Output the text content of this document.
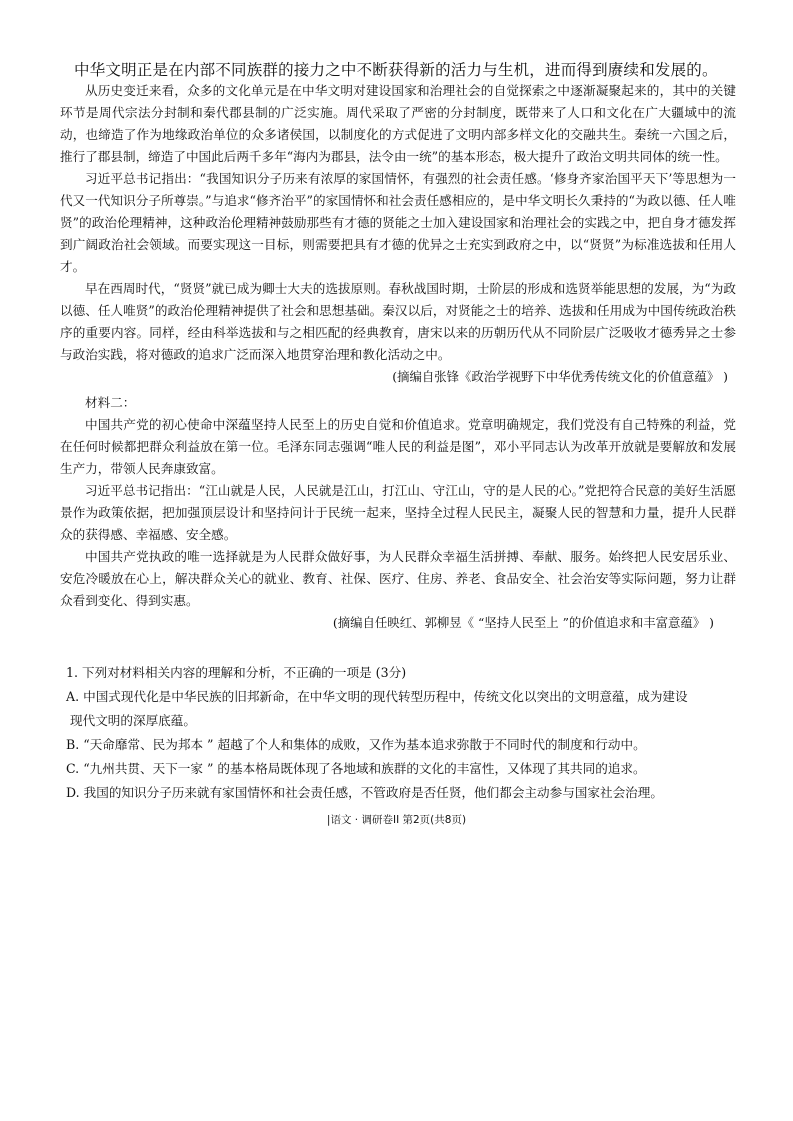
中华文明正是在内部不同族群的接力之中不断获得新的活力与生机，进而得到赓续和发展的。

从历史变迁来看，众多的文化单元是在中华文明对建设国家和治理社会的自觉探索之中逐渐凝聚起来的，其中的关键环节是周代宗法分封制和秦代郡县制的广泛实施。周代采取了严密的分封制度，既带来了人口和文化在广大疆域中的流动，也缔造了作为地缘政治单位的众多诸侯国，以制度化的方式促进了文明内部多样文化的交融共生。秦统一六国之后，推行了郡县制，缔造了中国此后两千多年“海内为郡县，法令由一统”的基本形态，极大提升了政治文明共同体的统一性。

习近平总书记指出：“我国知识分子历来有浓厚的家国情怀，有强烈的社会责任感。‘修身齐家治国平天下’等思想为一代又一代知识分子所尊崇。”与追求“修齐治平”的家国情怀和社会责任感相应的，是中华文明长久秉持的“为政以德、任人唯贤”的政治伦理精神，这种政治伦理精神鼓励那些有才德的贤能之士加入建设国家和治理社会的实践之中，把自身才德发挥到广阔政治社会领域。而要实现这一目标，则需要把具有才德的优异之士充实到政府之中，以“贤贤”为标准选拔和任用人才。

早在西周时代，“贤贤”就已成为卿士大夫的选拔原则。春秋战国时期，士阶层的形成和选贤举能思想的发展，为“为政以德、任人唯贤”的政治伦理精神提供了社会和思想基础。秦汉以后，对贤能之士的培养、选拔和任用成为中国传统政治秩序的重要内容。同样，经由科举选拔和与之相匹配的经典教育，唐宋以来的历朝历代从不同阶层广泛吸收才德秀异之士参与政治实践，将对德政的追求广泛而深入地贯穿治理和教化活动之中。

(摘编自张锋《政治学视野下中华优秀传统文化的价值意蕴》 )

材料二：

中国共产党的初心使命中深蕴坚持人民至上的历史自觉和价值追求。党章明确规定，我们党没有自己特殊的利益，党在任何时候都把群众利益放在第一位。毛泽东同志强调“唯人民的利益是图”，邓小平同志认为改革开放就是要解放和发展生产力，带领人民奔康致富。

习近平总书记指出：“江山就是人民，人民就是江山，打江山、守江山，守的是人民的心。”党把符合民意的美好生活愿景作为政策依据，把加强顶层设计和坚持问计于民统一起来，坚持全过程人民民主，凝聚人民的智慧和力量，提升人民群众的获得感、幸福感、安全感。

中国共产党执政的唯一选择就是为人民群众做好事，为人民群众幸福生活拼搏、奉献、服务。始终把人民安居乐业、安危冷暖放在心上，解决群众关心的就业、教育、社保、医疗、住房、养老、食品安全、社会治安等实际问题，努力让群众看到变化、得到实惠。

(摘编自任映红、郭柳昱《 “坚持人民至上 ”的价值追求和丰富意蕴》 )

1. 下列对材料相关内容的理解和分析，不正确的一项是 (3分)

A. 中国式现代化是中华民族的旧邦新命，在中华文明的现代转型历程中，传统文化以突出的文明意蕴，成为建设

现代文明的深厚底蕴。

B. “天命靡常、民为邦本 ” 超越了个人和集体的成败，又作为基本追求弥散于不同时代的制度和行动中。

C. “九州共贯、天下一家 ” 的基本格局既体现了各地域和族群的文化的丰富性，又体现了其共同的追求。

D. 我国的知识分子历来就有家国情怀和社会责任感，不管政府是否任贤，他们都会主动参与国家社会治理。

|语文 · 调研卷II 第2页(共8页)
